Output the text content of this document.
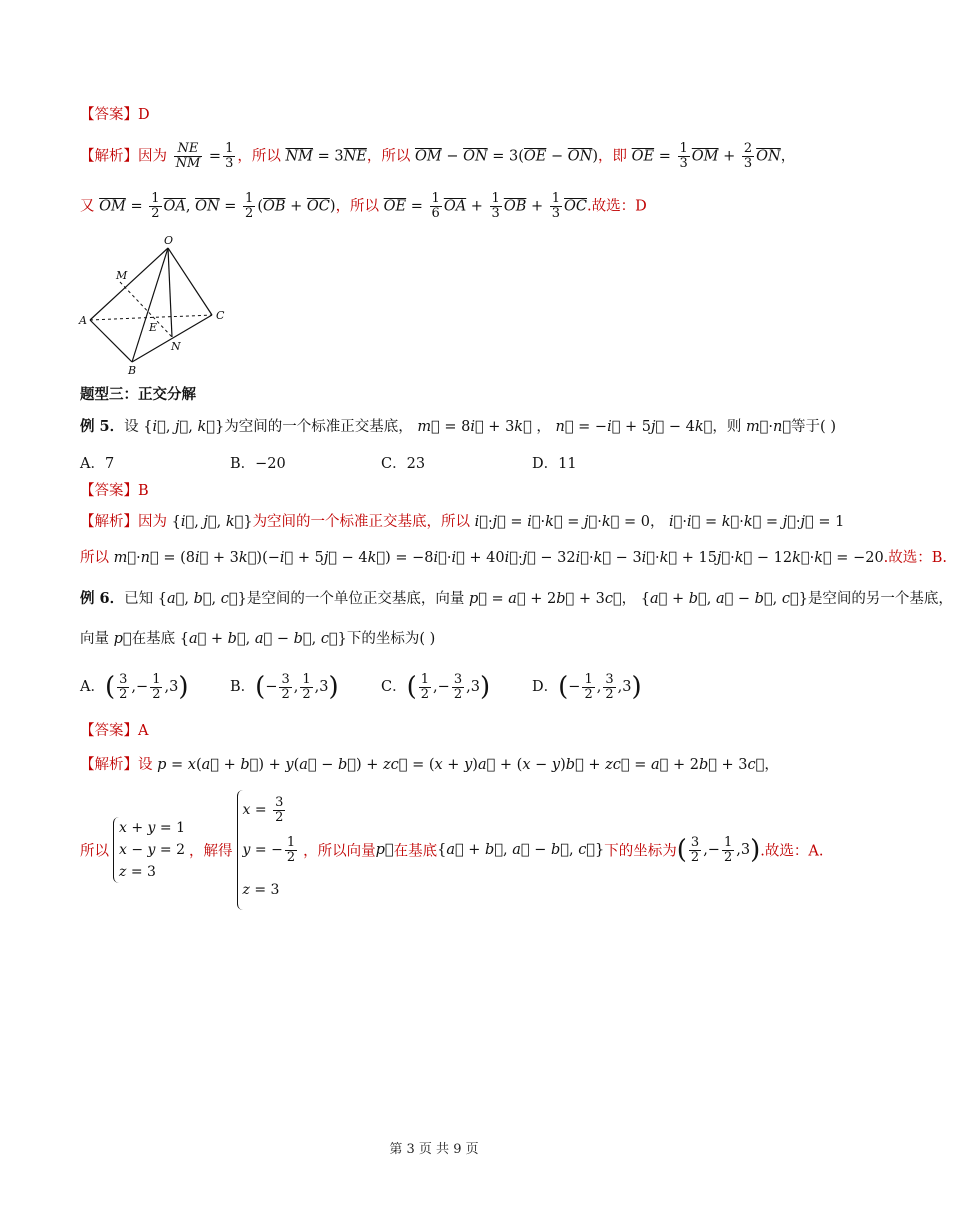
【答案】D
【解析】因为 $\frac{NE}{NM} = \frac{1}{3}$ ，所以 $\overline{NM} = 3\overline{NE}$，所以 $\overline{OM} - \overline{ON} = 3(\overline{OE} - \overline{ON})$，即 $\overline{OE} = \frac{1}{3} \overline{OM} + \frac{2}{3} \overline{ON}$，
又 $\overline{OM} = \frac{1}{2} \overline{OA}$, $\overline{ON} = \frac{1}{2} (\overline{OB} + \overline{OC})$，所以 $\overline{OE} = \frac{1}{6} \overline{OA} + \frac{1}{3} \overline{OB} + \frac{1}{3} \overline{OC}$.故选：D
O
M
A
E
C
N
B
题型三：正交分解
例 5．设 {i⃗, j⃗, k⃗}为空间的一个标准正交基底， m⃗ = 8i⃗ + 3k⃗ ， n⃗ = −i⃗ + 5j⃗ − 4k⃗，则 m⃗·n⃗等于( )
A．7	B．−20	C．23	D．11
【答案】B
【解析】因为 {i⃗, j⃗, k⃗}为空间的一个标准正交基底，所以 i⃗·j⃗ = i⃗·k⃗ = j⃗·k⃗ = 0， i⃗·i⃗ = k⃗·k⃗ = j⃗·j⃗ = 1
所以 m⃗·n⃗ = (8i⃗ + 3k⃗)(−i⃗ + 5j⃗ − 4k⃗) = −8i⃗·i⃗ + 40i⃗·j⃗ − 32i⃗·k⃗ − 3i⃗·k⃗ + 15j⃗·k⃗ − 12k⃗·k⃗ = −20.故选：B.
例 6．已知 {a⃗, b⃗, c⃗}是空间的一个单位正交基底，向量 p⃗ = a⃗ + 2b⃗ + 3c⃗， {a⃗ + b⃗, a⃗ − b⃗, c⃗}是空间的另一个基底，
向量 p⃗在基底 {a⃗ + b⃗, a⃗ − b⃗, c⃗}下的坐标为( )
A．( $\frac{3}{2}$ ,− $\frac{1}{2} ,3$)	B．(− $\frac{3}{2}$ , $\frac{1}{2} ,3$)	C．( $\frac{1}{2}$ ,− $\frac{3}{2} ,3$)	D．(− $\frac{1}{2}$ , $\frac{3}{2} ,3$)
【答案】A
【解析】设 p = x(a⃗ + b⃗) + y(a⃗ − b⃗) + zc⃗ = (x + y)a⃗ + (x − y)b⃗ + zc⃗ = a⃗ + 2b⃗ + 3c⃗，
所以
x + y = 1
x − y = 2
z = 3
，解得
$x = \frac{3}{2}$
y = − $\frac{1}{2}$
z = 3
，所以向量p⃗在基底{a⃗ + b⃗, a⃗ − b⃗, c⃗}下的坐标为( $\frac{3}{2}$ ,− $\frac{1}{2} ,3$).故选：A.
第 3 页 共 9 页
